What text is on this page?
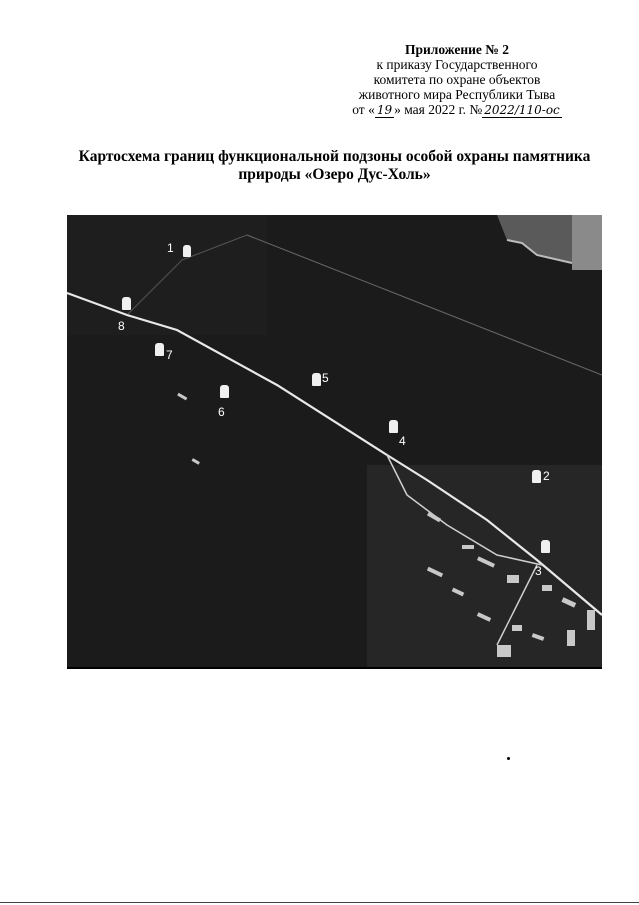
Приложение № 2
к приказу Государственного
комитета по охране объектов
животного мира Республики Тыва
от « 19 » мая 2022 г. № 2022/110-ос
Картосхема границ функциональной подзоны особой охраны памятника
природы «Озеро Дус-Холь»
1
2
3
4
5
6
7
8
